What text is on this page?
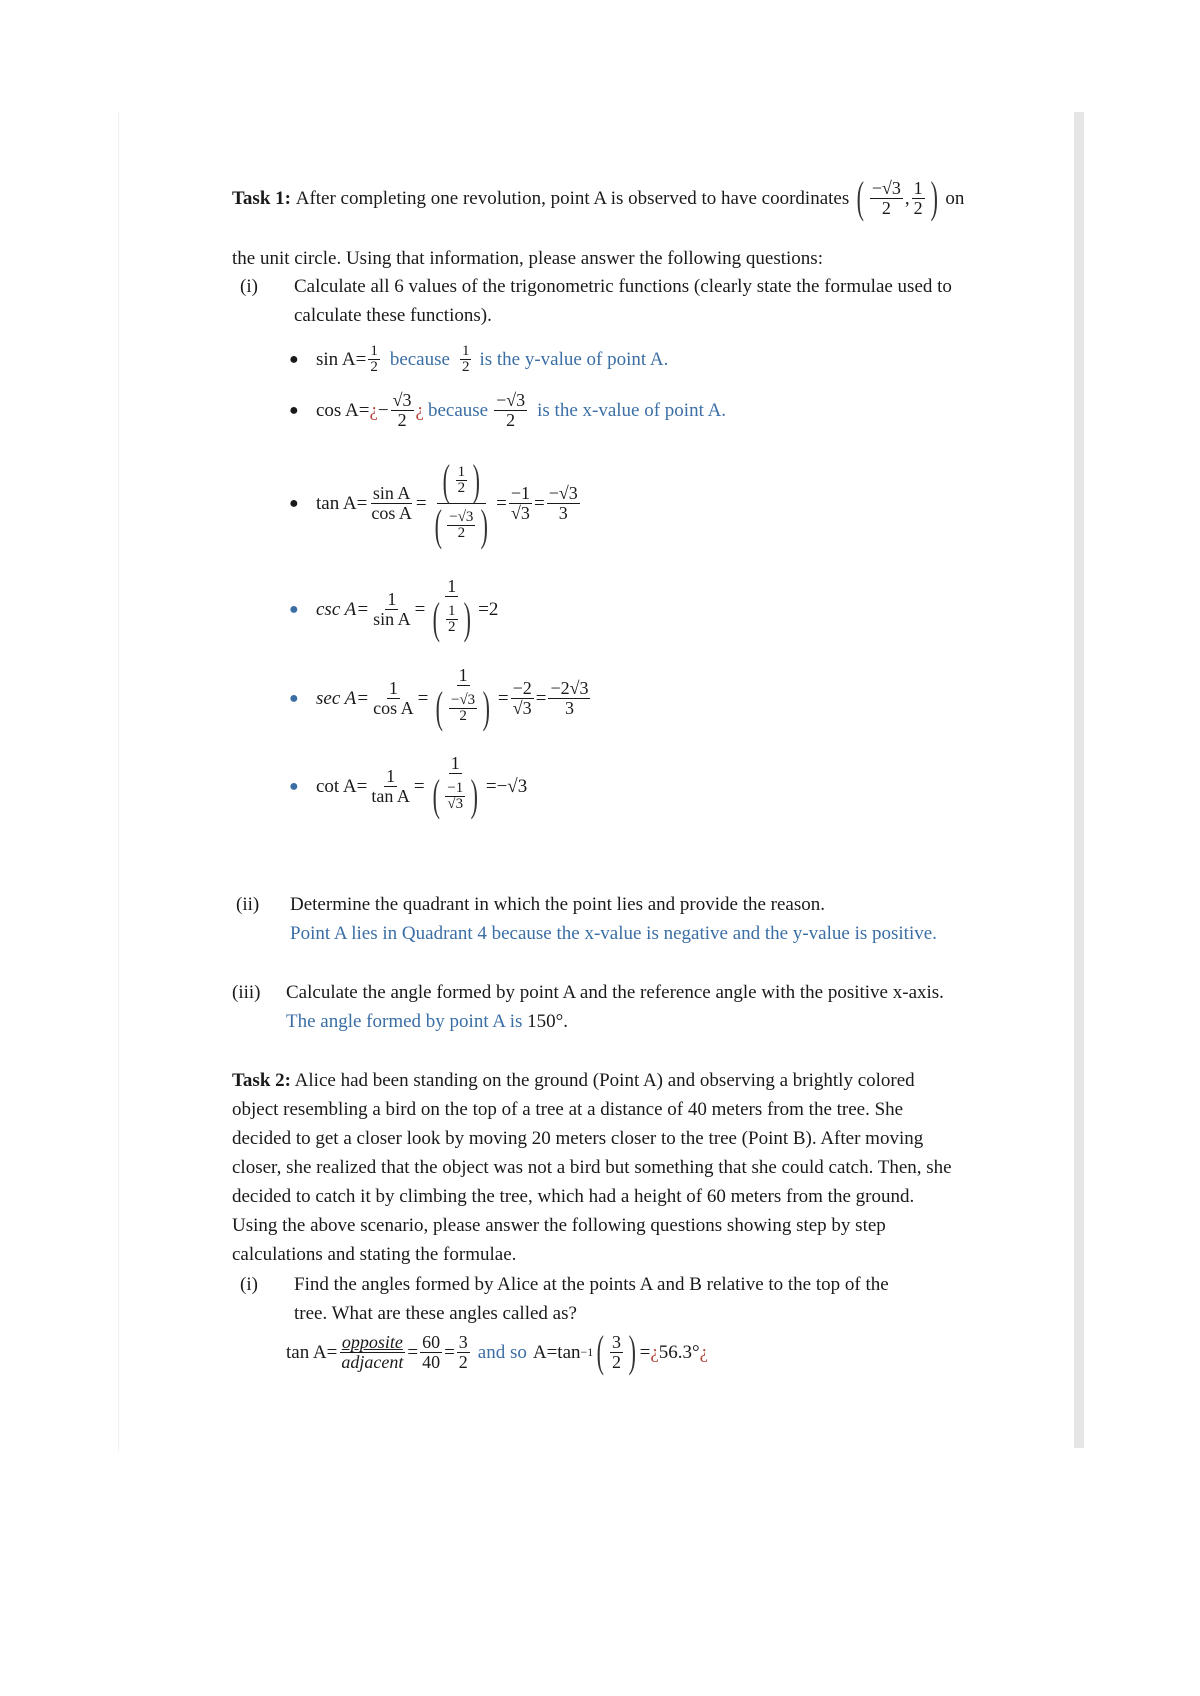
Task 1:
After completing one revolution, point A is observed to have coordinates ( $\frac{-√3}{2}$ , $\frac{1}{2}$ ) on
the unit circle. Using that information, please answer the following questions:
(i)	Calculate all 6 values of the trigonometric functions (clearly state the formulae used to calculate these functions).
● $\sin A= \frac{1}{2}$ because $\frac{1}{2}$ is the y-value of point A.
● cos A= ¿ − $\frac{√3}{2}$ ¿ because $\frac{-√3}{2}$ is the x-value of point A.
● $\tan A= \frac{\text{sin A}}{\text{cos A}} = \frac{( \frac{1}{2} )}{( \frac{-√3}{2} )} = \frac{-1}{√3} = \frac{-√3}{3}$
● $\csc A= \frac{1}{\text{sin A}} = \frac{1}{( \frac{1}{2} )} =2$
● $\sec A= \frac{1}{\text{cos A}} = \frac{1}{( \frac{-√3}{2} )} = \frac{-2}{√3} = \frac{-2√3}{3}$
● $\cot A= \frac{1}{\text{tan A}} = \frac{1}{( \frac{-1}{√3} )} =-√3$
(ii)	Determine the quadrant in which the point lies and provide the reason.
Point A lies in Quadrant 4 because the x-value is negative and the y-value is positive.
(iii)	Calculate the angle formed by point A and the reference angle with the positive x-axis.
The angle formed by point A is 150°.
Task 2: Alice had been standing on the ground (Point A) and observing a brightly colored object resembling a bird on the top of a tree at a distance of 40 meters from the tree. She decided to get a closer look by moving 20 meters closer to the tree (Point B). After moving closer, she realized that the object was not a bird but something that she could catch. Then, she decided to catch it by climbing the tree, which had a height of 60 meters from the ground. Using the above scenario, please answer the following questions showing step by step calculations and stating the formulae.
(i)	Find the angles formed by Alice at the points A and B relative to the top of the tree. What are these angles called as?
$\tan A= \frac{\text{opposite}}{\text{adjacent}} = \frac{60}{40} = \frac{3}{2}$ and so A=tan −1 ( $\frac{3}{2}$ ) = ¿ 56.3° ¿
